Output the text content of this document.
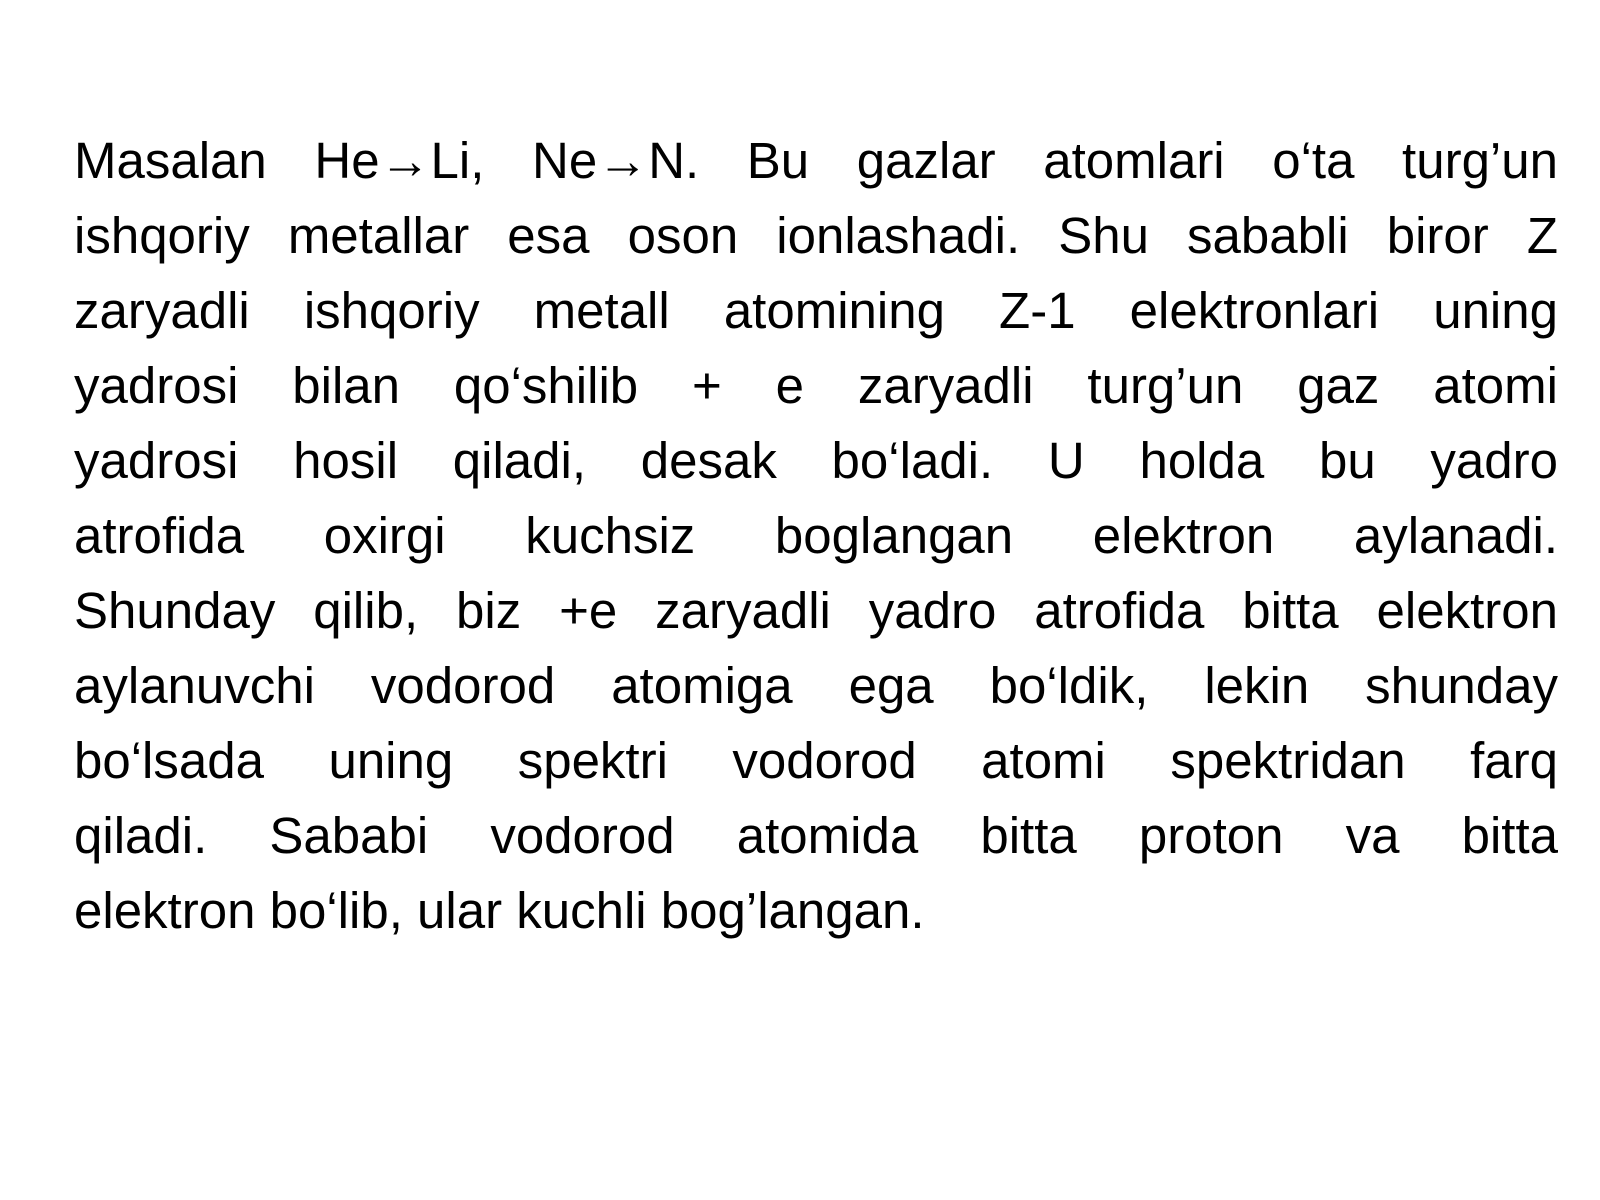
Masalan He→Li, Ne→N. Bu gazlar atomlari o‘ta turg’un
ishqoriy metallar esa oson ionlashadi. Shu sababli biror Z
zaryadli ishqoriy metall atomining Z-1 elektronlari uning
yadrosi bilan qo‘shilib + e zaryadli turg’un gaz atomi
yadrosi hosil qiladi, desak bo‘ladi. U holda bu yadro
atrofida oxirgi kuchsiz boglangan elektron aylanadi.
Shunday qilib, biz +e zaryadli yadro atrofida bitta elektron
aylanuvchi vodorod atomiga ega bo‘ldik, lekin shunday
bo‘lsada uning spektri vodorod atomi spektridan farq
qiladi. Sababi vodorod atomida bitta proton va bitta
elektron bo‘lib, ular kuchli bog’langan.
